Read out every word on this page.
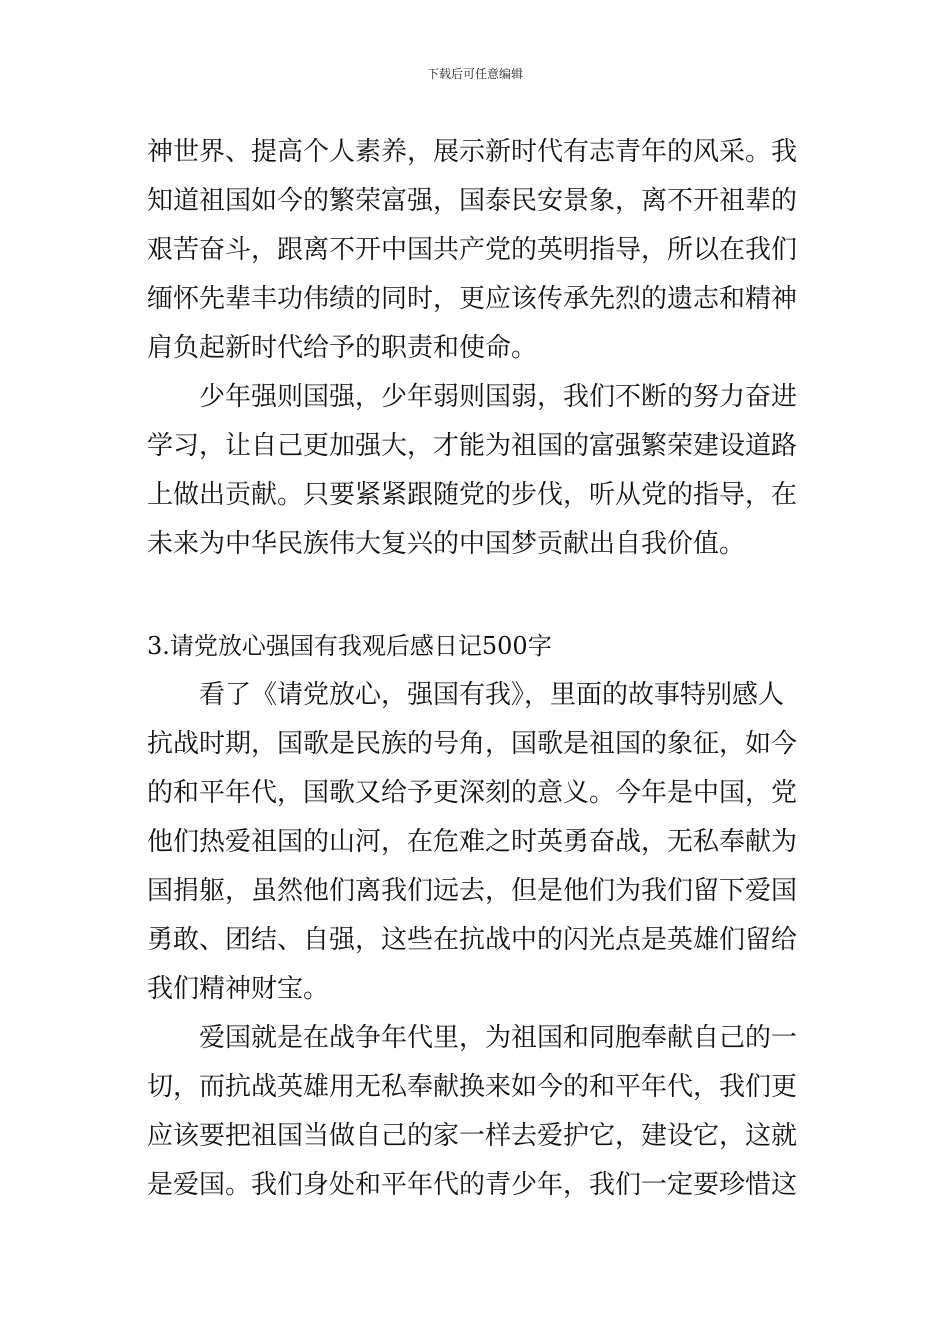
下载后可任意编辑
神世界、提高个人素养，展示新时代有志青年的风采。我
知道祖国如今的繁荣富强，国泰民安景象，离不开祖辈的
艰苦奋斗，跟离不开中国共产党的英明指导，所以在我们
缅怀先辈丰功伟绩的同时，更应该传承先烈的遗志和精神
肩负起新时代给予的职责和使命。
少年强则国强，少年弱则国弱，我们不断的努力奋进
学习，让自己更加强大，才能为祖国的富强繁荣建设道路
上做出贡献。只要紧紧跟随党的步伐，听从党的指导，在
未来为中华民族伟大复兴的中国梦贡献出自我价值。
3.请党放心强国有我观后感日记500字
看了《请党放心，强国有我》，里面的故事特别感人
抗战时期，国歌是民族的号角，国歌是祖国的象征，如今
的和平年代，国歌又给予更深刻的意义。今年是中国，党
他们热爱祖国的山河，在危难之时英勇奋战，无私奉献为
国捐躯，虽然他们离我们远去，但是他们为我们留下爱国
勇敢、团结、自强，这些在抗战中的闪光点是英雄们留给
我们精神财宝。
爱国就是在战争年代里，为祖国和同胞奉献自己的一
切，而抗战英雄用无私奉献换来如今的和平年代，我们更
应该要把祖国当做自己的家一样去爱护它，建设它，这就
是爱国。我们身处和平年代的青少年，我们一定要珍惜这
